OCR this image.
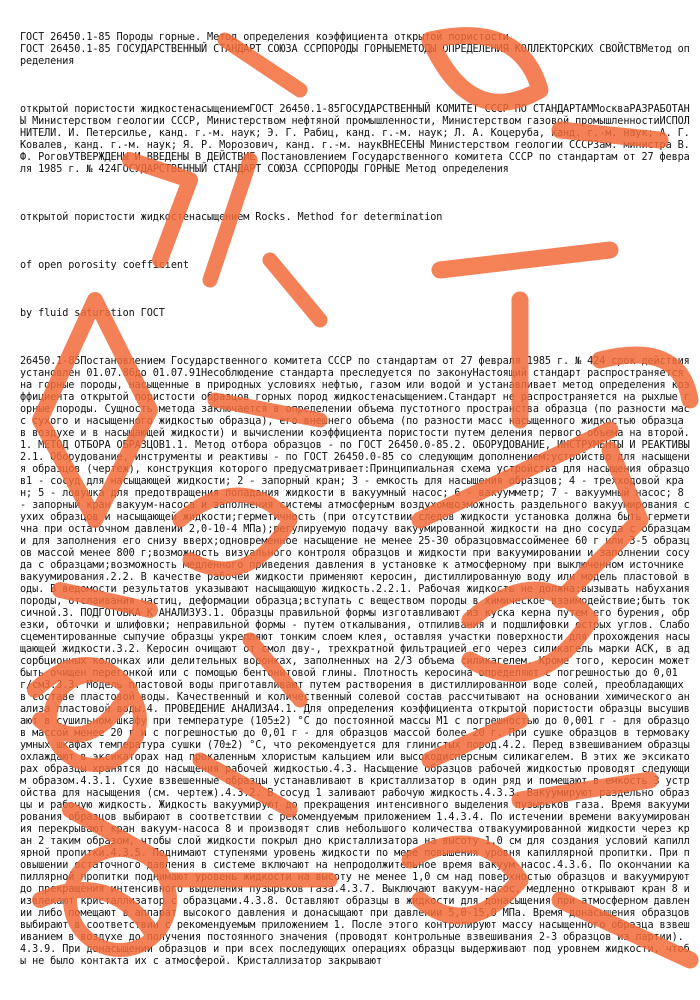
ГОСТ 26450.1-85 Породы горные. Метод определения коэффициента открытой пористости
ГОСТ 26450.1-85 ГОСУДАРСТВЕННЫЙ СТАНДАРТ СОЮЗА ССРПОРОДЫ ГОРНЫЕМЕТОДЫ ОПРЕДЕЛЕНИЯ КОЛЛЕКТОРСКИХ СВОЙСТВМетод определения

открытой пористости жидкостенасыщениемГОСТ 26450.1-85ГОСУДАРСТВЕННЫЙ КОМИТЕТ СССР ПО СТАНДАРТАММоскваРАЗРАБОТАНЫ Министерством геологии СССР, Министерством нефтяной промышленности, Министерством газовой промышленностиИСПОЛНИТЕЛИ. И. Петерсилье, канд. г.-м. наук; Э. Г. Рабиц, канд. г.-м. наук; Л. А. Коцеруба, канд. г.-м. наук; А. Г. Ковалев, канд. г.-м. наук; Я. Р. Морозович, канд. г.-м. наукВНЕСЕНЫ Министерством геологии СССРЗам. министра В. Ф. РоговУТВЕРЖДЕНЫ И ВВЕДЕНЫ В ДЕЙСТВИЕ Постановлением Государственного комитета СССР по стандартам от 27 февраля 1985 г. № 424ГОСУДАРСТВЕННЫЙ СТАНДАРТ СОЮЗА ССРПОРОДЫ ГОРНЫЕ Метод определения

открытой пористости жидкостенасыщением Rocks. Method for determination

of open porosity coefficient

by fluid saturation ГОСТ

26450.1-85Постановлением Государственного комитета СССР по стандартам от 27 февраля 1985 г. № 424 срок действия установлен 01.07.86до 01.07.91Несоблюдение стандарта преследуется по законуНастоящий стандарт распространяется на горные породы, насыщенные в природных условиях нефтью, газом или водой и устанавливает метод определения коэффициента открытой пористости образцов горных пород жидкостенасыщением.Стандарт не распространяется на рыхлые горные породы. Сущность метода заключается в определении объема пустотного пространства образца (по разности масс сухого и насыщенного жидкостью образца), его внешнего объема (по разности масс насыщенного жидкостью образца в воздухе и в насыщающей жидкости) и вычислении коэффициента пористости путем деления первого объема на второй.1. МЕТОД ОТБОРА ОБРАЗЦОВ1.1. Метод отбора образцов - по ГОСТ 26450.0-85.2. ОБОРУДОВАНИЕ, ИНСТРУМЕНТЫ И РЕАКТИВЫ2.1. Оборудование, инструменты и реактивы - по ГОСТ 26450.0-85 со следующим дополнением:устройство для насыщения образцов (чертеж), конструкция которого предусматривает:Принципиальная схема устройства для насыщения образцов1 - сосуд для насыщающей жидкости; 2 - запорный кран; 3 - емкость для насыщения образцов; 4 - трехходовой кран; 5 - ловушка для предотвращения попадания жидкости в вакуумный насос; 6 - вакуумметр; 7 - вакуумный насос; 8 - запорный кран вакуум-насоса и заполнения системы атмосферным воздухомвозможность раздельного вакуумирования сухих образцов и насыщающей жидкости;герметичность (при отсутствии следов жидкости установка должна быть герметична при остаточном давлении 2,0-10-4 МПа);регулируемую подачу вакуумированной жидкости на дно сосуда с образцами для заполнения его снизу вверх;одновременное насыщение не менее 25-30 образцовмассойменее 60 г или 3-5 образцов массой менее 800 г;возможность визуального контроля образцов и жидкости при вакуумировании и заполнении сосуда с образцами;возможность медленного приведения давления в установке к атмосферному при выключенном источнике вакуумирования.2.2. В качестве рабочей жидкости применяют керосин, дистиллированную воду или модель пластовой воды. В ведомости результатов указывают насыщающую жидкость.2.2.1. Рабочая жидкость не должна:вызывать набухания породы, отслаивания частиц, деформации образца;вступать с веществом породы в химическое взаимодействие;быть токсичной.3. ПОДГОТОВКА К АНАЛИЗУ3.1. Образцы правильной формы изготавливают из куска керна путем его бурения, обрезки, обточки и шлифовки; неправильной формы - путем откалывания, отпиливания и подшлифовки острых углов. Слабосцементированные сыпучие образцы укрепляют тонким слоем клея, оставляя участки поверхности для прохождения насыщающей жидкости.3.2. Керосин очищают от смол дву-, трехкратной фильтрацией его через силикагель марки АСК, в адсорбционных колонках или делительных воронках, заполненных на 2/3 объема силикагелем. Кроме того, керосин может быть очищен перегонкой или с помощью бентонитовой глины. Плотность керосина определяют с погрешностью до 0,01 г/см3.3.3. Модель пластовой воды приготавливают путем растворения в дистиллированной воде солей, преобладающих в составе пластовой воды. Качественный и количественный солевой состав рассчитывают на основании химического анализа пластовой воды.4. ПРОВЕДЕНИЕ АНАЛИЗА4.1. Для определения коэффициента открытой пористости образцы высушивают в сушильном шкафу при температуре (105±2) °С до постоянной массы М1 с погрешностью до 0,001 г - для образцов массой менее 20 г и с погрешностью до 0,01 г - для образцов массой более 20 г. При сушке образцов в термовакуумных шкафах температура сушки (70±2) °С, что рекомендуется для глинистых пород.4.2. Перед взвешиванием образцы охлаждают в эксикаторах над прокаленным хлористым кальцием или высокодисперсным силикагелем. В этих же эксикаторах образцы хранятся до насыщения рабочей жидкостью.4.3. Насыщение образцов рабочей жидкостью проводят следующим образом.4.3.1. Сухие взвешенные образцы устанавливают в кристаллизатор в один ряд и помещают в емкость 3 устройства для насыщения (см. чертеж).4.3.2. В сосуд 1 заливают рабочую жидкость.4.3.3. Вакуумируют раздельно образцы и рабочую жидкость. Жидкость вакуумируют до прекращения интенсивного выделения пузырьков газа. Время вакуумирования образцов выбирают в соответствии с рекомендуемым приложением 1.4.3.4. По истечении времени вакуумирования перекрывают кран вакуум-насоса 8 и производят слив небольшого количества отвакуумированной жидкости через кран 2 таким образом, чтобы слой жидкости покрыл дно кристаллизатора на высоту 1,0 см для создания условий капиллярной пропитки.4.3.5. Поднимают ступенями уровень жидкости по мере повышения уровня капиллярной пропитки. При повышении остаточного давления в системе включают на непродолжительное время вакуум-насос.4.3.6. По окончании капиллярной пропитки поднимают уровень жидкости на высоту не менее 1,0 см над поверхностью образцов и вакуумируют до прекращения интенсивного выделения пузырьков газа.4.3.7. Выключают вакуум-насос, медленно открывают кран 8 и извлекают кристаллизатор с образцами.4.3.8. Оставляют образцы в жидкости для донасыщения при атмосферном давлении либо помещают в аппарат высокого давления и донасыщают при давлении 5,0-15,0 МПа. Время донасыщения образцов выбирают в соответствии с рекомендуемым приложением 1. После этого контролируют массу насыщенного образца взвешиванием в воздухе до получения постоянного значения (проводят контрольные взвешивания 2-3 образцов из партии).4.3.9. При донасыщении образцов и при всех последующих операциях образцы выдерживают под уровнем жидкости, чтобы не было контакта их с атмосферой. Кристаллизатор закрывают
